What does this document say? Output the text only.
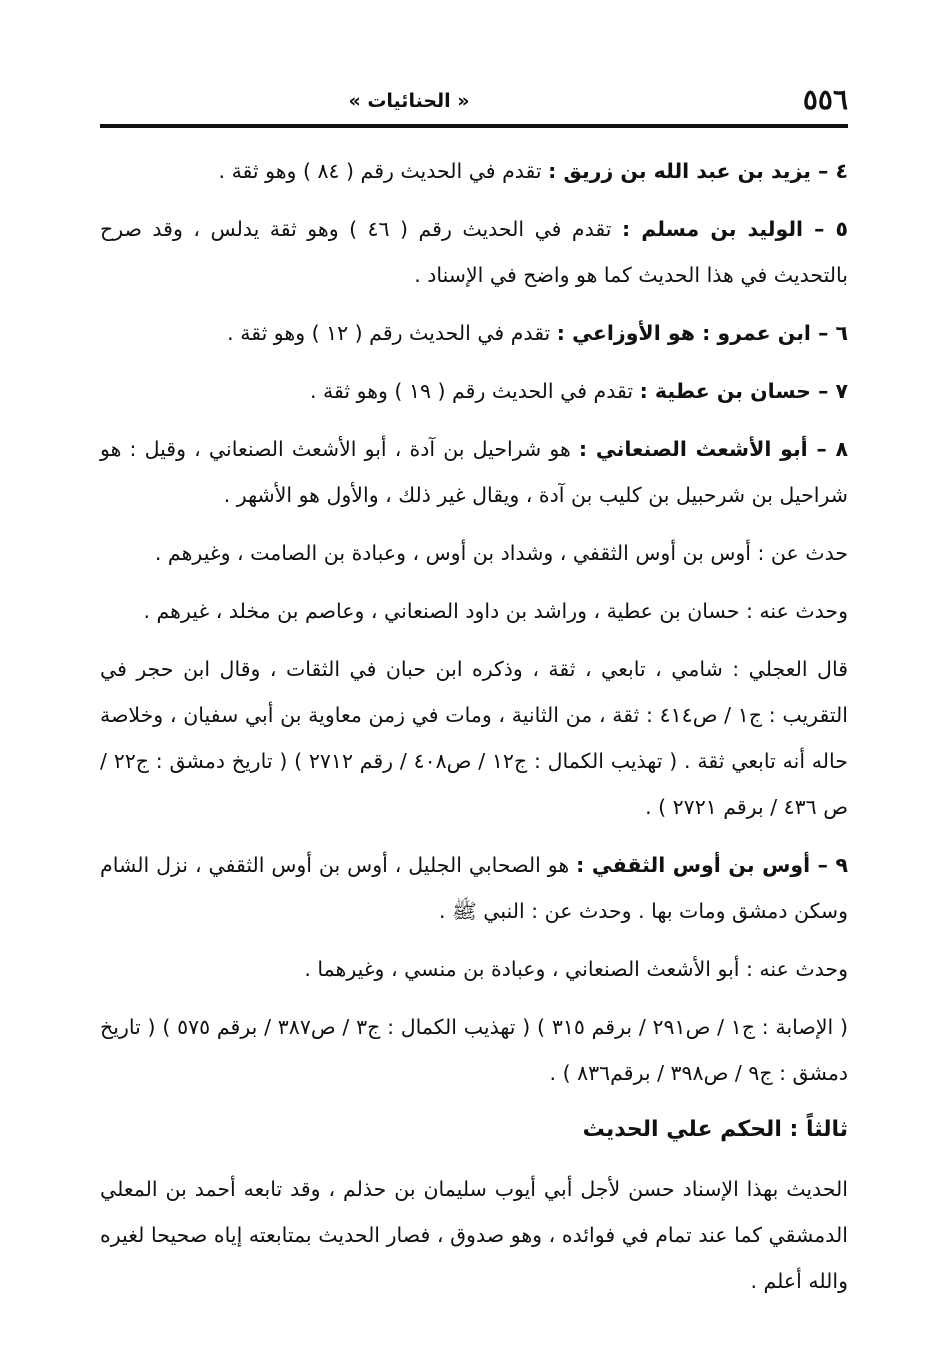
٥٥٦
« الحنائيات »

٤ – يزيد بن عبد الله بن زريق : تقدم في الحديث رقم ( ٨٤ ) وهو ثقة .

٥ – الوليد بن مسلم : تقدم في الحديث رقم ( ٤٦ ) وهو ثقة يدلس ، وقد صرح بالتحديث في هذا الحديث كما هو واضح في الإسناد .

٦ – ابن عمرو : هو الأوزاعي : تقدم في الحديث رقم ( ١٢ ) وهو ثقة .

٧ – حسان بن عطية : تقدم في الحديث رقم ( ١٩ ) وهو ثقة .

٨ – أبو الأشعث الصنعاني : هو شراحيل بن آدة ، أبو الأشعث الصنعاني ، وقيل : هو شراحيل بن شرحبيل بن كليب بن آدة ، ويقال غير ذلك ، والأول هو الأشهر .

حدث عن : أوس بن أوس الثقفي ، وشداد بن أوس ، وعبادة بن الصامت ، وغيرهم .

وحدث عنه : حسان بن عطية ، وراشد بن داود الصنعاني ، وعاصم بن مخلد ، غيرهم .

قال العجلي : شامي ، تابعي ، ثقة ، وذكره ابن حبان في الثقات ، وقال ابن حجر في التقريب : ج١ / ص٤١٤ : ثقة ، من الثانية ، ومات في زمن معاوية بن أبي سفيان ، وخلاصة حاله أنه تابعي ثقة . ( تهذيب الكمال : ج١٢ / ص٤٠٨ / رقم ٢٧١٢ ) ( تاريخ دمشق : ج٢٢ / ص ٤٣٦ / برقم ٢٧٢١ ) .

٩ – أوس بن أوس الثقفي : هو الصحابي الجليل ، أوس بن أوس الثقفي ، نزل الشام وسكن دمشق ومات بها . وحدث عن : النبي ﷺ .

وحدث عنه : أبو الأشعث الصنعاني ، وعبادة بن منسي ، وغيرهما .

( الإصابة : ج١ / ص٢٩١ / برقم ٣١٥ ) ( تهذيب الكمال : ج٣ / ص٣٨٧ / برقم ٥٧٥ ) ( تاريخ دمشق : ج٩ / ص٣٩٨ / برقم٨٣٦ ) .

ثالثاً : الحكم علي الحديث

الحديث بهذا الإسناد حسن لأجل أبي أيوب سليمان بن حذلم ، وقد تابعه أحمد بن المعلي الدمشقي كما عند تمام في فوائده ، وهو صدوق ، فصار الحديث بمتابعته إياه صحيحا لغيره والله أعلم .
